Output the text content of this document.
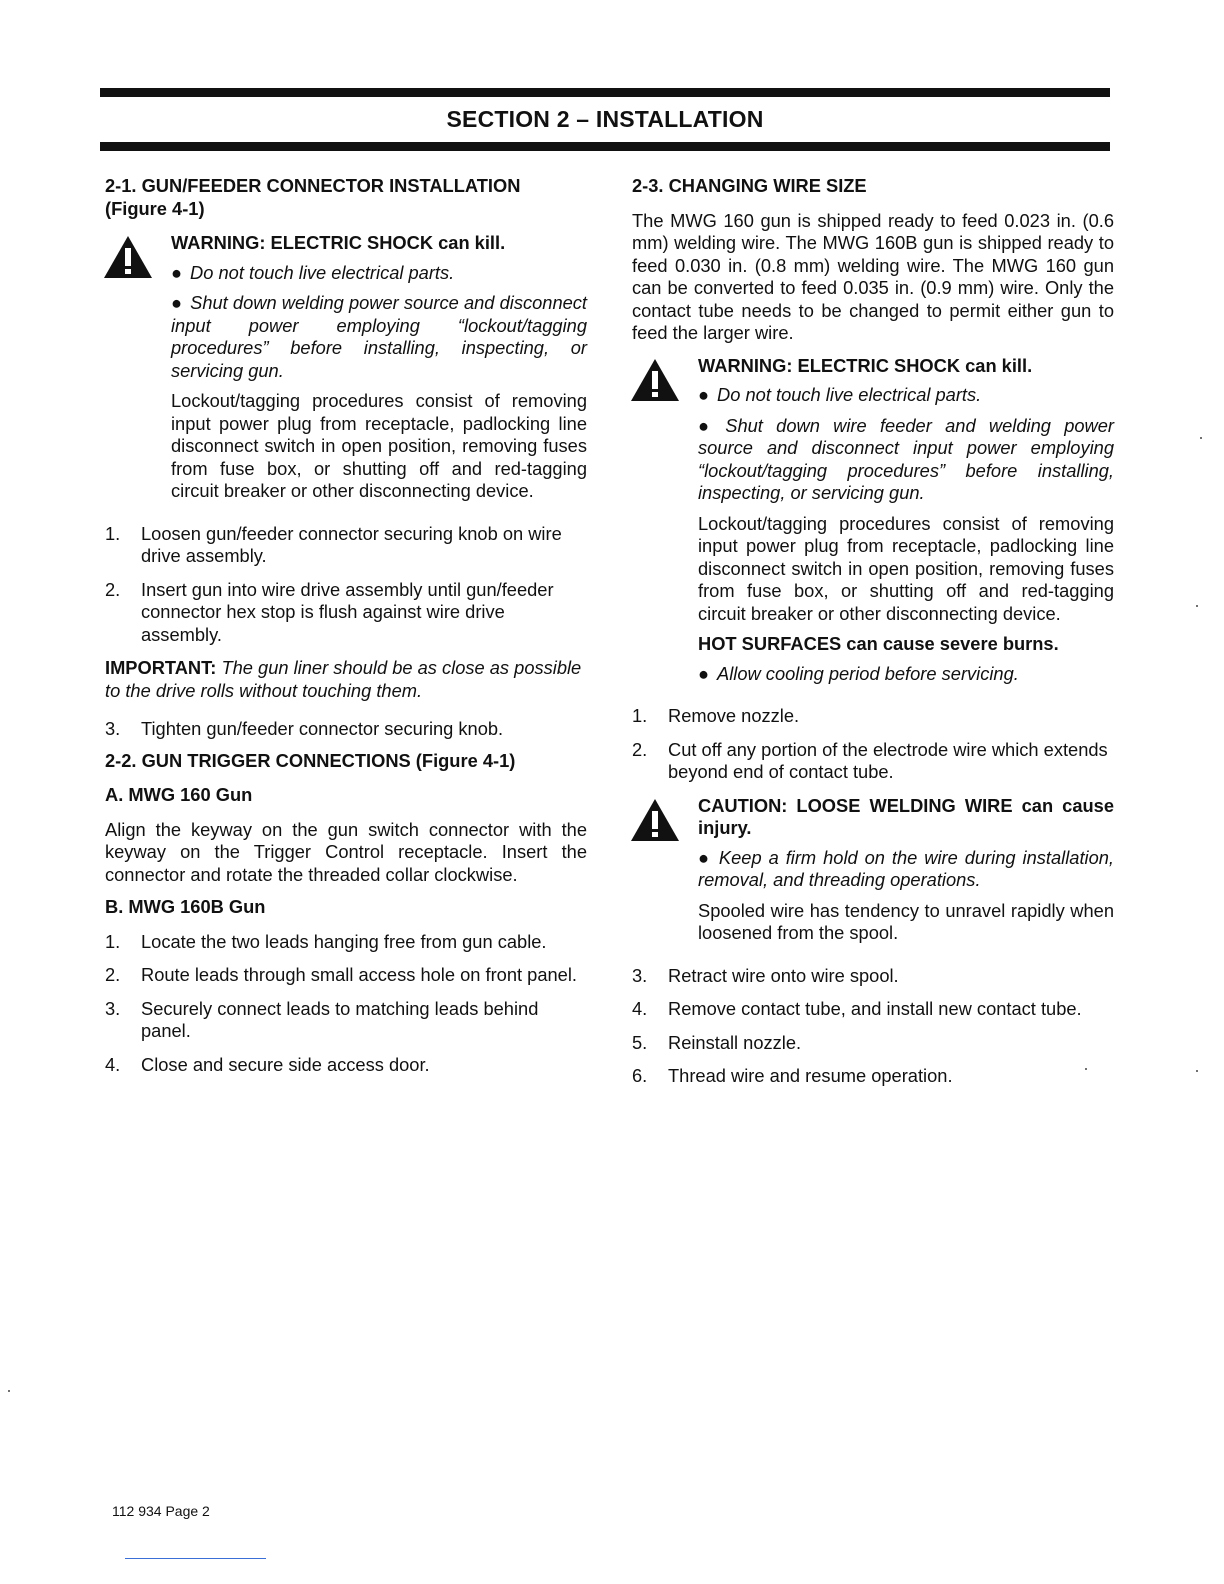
SECTION 2 – INSTALLATION
2-1. GUN/FEEDER CONNECTOR INSTALLATION (Figure 4-1)
WARNING: ELECTRIC SHOCK can kill.
● Do not touch live electrical parts.
● Shut down welding power source and disconnect input power employing “lockout/tagging procedures” before installing, inspecting, or servicing gun.
Lockout/tagging procedures consist of removing input power plug from receptacle, padlocking line disconnect switch in open position, removing fuses from fuse box, or shutting off and red-tagging circuit breaker or other disconnecting device.
1. Loosen gun/feeder connector securing knob on wire drive assembly.
2. Insert gun into wire drive assembly until gun/feeder connector hex stop is flush against wire drive assembly.
IMPORTANT: The gun liner should be as close as possible to the drive rolls without touching them.
3. Tighten gun/feeder connector securing knob.
2-2. GUN TRIGGER CONNECTIONS (Figure 4-1)
A. MWG 160 Gun
Align the keyway on the gun switch connector with the keyway on the Trigger Control receptacle. Insert the connector and rotate the threaded collar clockwise.
B. MWG 160B Gun
1. Locate the two leads hanging free from gun cable.
2. Route leads through small access hole on front panel.
3. Securely connect leads to matching leads behind panel.
4. Close and secure side access door.
2-3. CHANGING WIRE SIZE
The MWG 160 gun is shipped ready to feed 0.023 in. (0.6 mm) welding wire. The MWG 160B gun is shipped ready to feed 0.030 in. (0.8 mm) welding wire. The MWG 160 gun can be converted to feed 0.035 in. (0.9 mm) wire. Only the contact tube needs to be changed to permit either gun to feed the larger wire.
WARNING: ELECTRIC SHOCK can kill.
● Do not touch live electrical parts.
● Shut down wire feeder and welding power source and disconnect input power employing “lockout/tagging procedures” before installing, inspecting, or servicing gun.
Lockout/tagging procedures consist of removing input power plug from receptacle, padlocking line disconnect switch in open position, removing fuses from fuse box, or shutting off and red-tagging circuit breaker or other disconnecting device.
HOT SURFACES can cause severe burns.
● Allow cooling period before servicing.
1. Remove nozzle.
2. Cut off any portion of the electrode wire which extends beyond end of contact tube.
CAUTION: LOOSE WELDING WIRE can cause injury.
● Keep a firm hold on the wire during installation, removal, and threading operations.
Spooled wire has tendency to unravel rapidly when loosened from the spool.
3. Retract wire onto wire spool.
4. Remove contact tube, and install new contact tube.
5. Reinstall nozzle.
6. Thread wire and resume operation.
112 934 Page 2
